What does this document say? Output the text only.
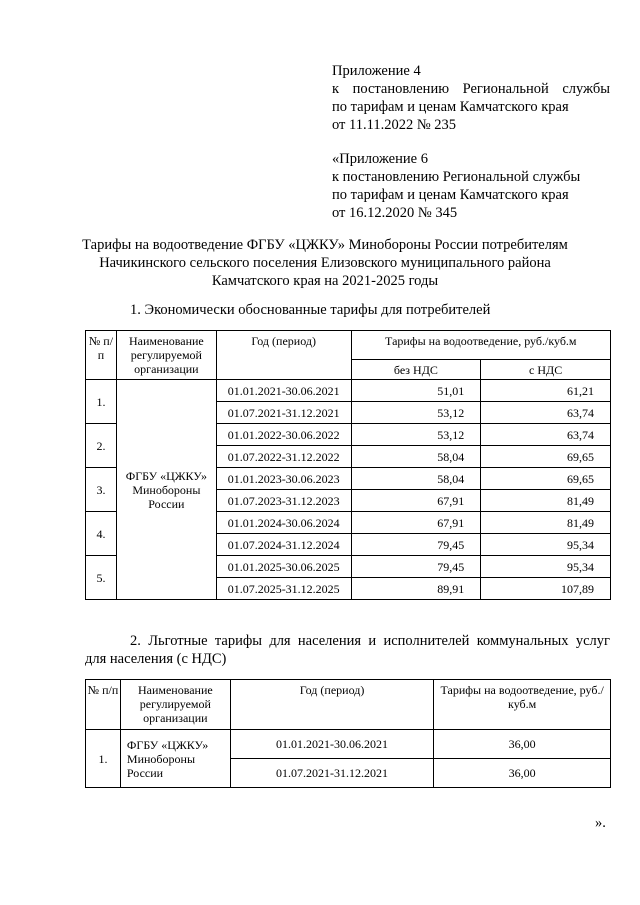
Приложение 4
к постановлению Региональной службы
по тарифам и ценам Камчатского края
от 11.11.2022 № 235
«Приложение 6
к постановлению Региональной службы
по тарифам и ценам Камчатского края
от 16.12.2020 № 345
Тарифы на водоотведение ФГБУ «ЦЖКУ» Минобороны России потребителям
Начикинского сельского поселения Елизовского муниципального района
Камчатского края на 2021-2025 годы
1. Экономически обоснованные тарифы для потребителей
№ п/п	Наименование регулируемой организации	Год (период)	Тарифы на водоотведение, руб./куб.м	
			без НДС	с НДС
1.	ФГБУ «ЦЖКУ» Минобороны России	01.01.2021-30.06.2021	51,01	61,21
		01.07.2021-31.12.2021	53,12	63,74
2.		01.01.2022-30.06.2022	53,12	63,74
		01.07.2022-31.12.2022	58,04	69,65
3.		01.01.2023-30.06.2023	58,04	69,65
		01.07.2023-31.12.2023	67,91	81,49
4.		01.01.2024-30.06.2024	67,91	81,49
		01.07.2024-31.12.2024	79,45	95,34
5.		01.01.2025-30.06.2025	79,45	95,34
		01.07.2025-31.12.2025	89,91	107,89
2. Льготные тарифы для населения и исполнителей коммунальных услуг
для населения (с НДС)
№ п/п	Наименование регулируемой организации	Год (период)	Тарифы на водоотведение, руб./куб.м
1.	ФГБУ «ЦЖКУ» Минобороны России	01.01.2021-30.06.2021	36,00
		01.07.2021-31.12.2021	36,00
».
